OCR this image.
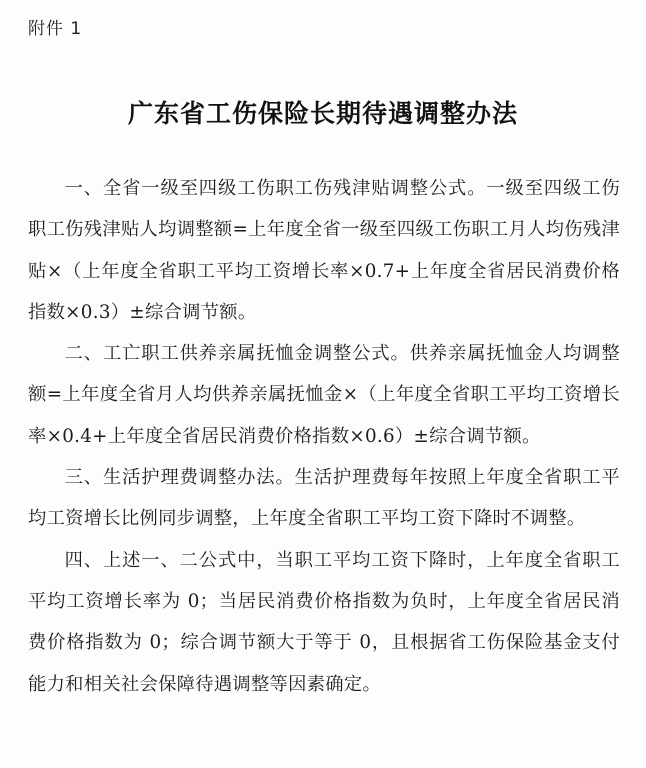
附件 1
广东省工伤保险长期待遇调整办法

一、全省一级至四级工伤职工伤残津贴调整公式。一级至四级工伤职工伤残津贴人均调整额=上年度全省一级至四级工伤职工月人均伤残津贴×（上年度全省职工平均工资增长率×0.7+上年度全省居民消费价格指数×0.3）±综合调节额。

二、工亡职工供养亲属抚恤金调整公式。供养亲属抚恤金人均调整额=上年度全省月人均供养亲属抚恤金×（上年度全省职工平均工资增长率×0.4+上年度全省居民消费价格指数×0.6）±综合调节额。

三、生活护理费调整办法。生活护理费每年按照上年度全省职工平均工资增长比例同步调整，上年度全省职工平均工资下降时不调整。

四、上述一、二公式中，当职工平均工资下降时，上年度全省职工平均工资增长率为 0；当居民消费价格指数为负时，上年度全省居民消费价格指数为 0；综合调节额大于等于 0，且根据省工伤保险基金支付能力和相关社会保障待遇调整等因素确定。
